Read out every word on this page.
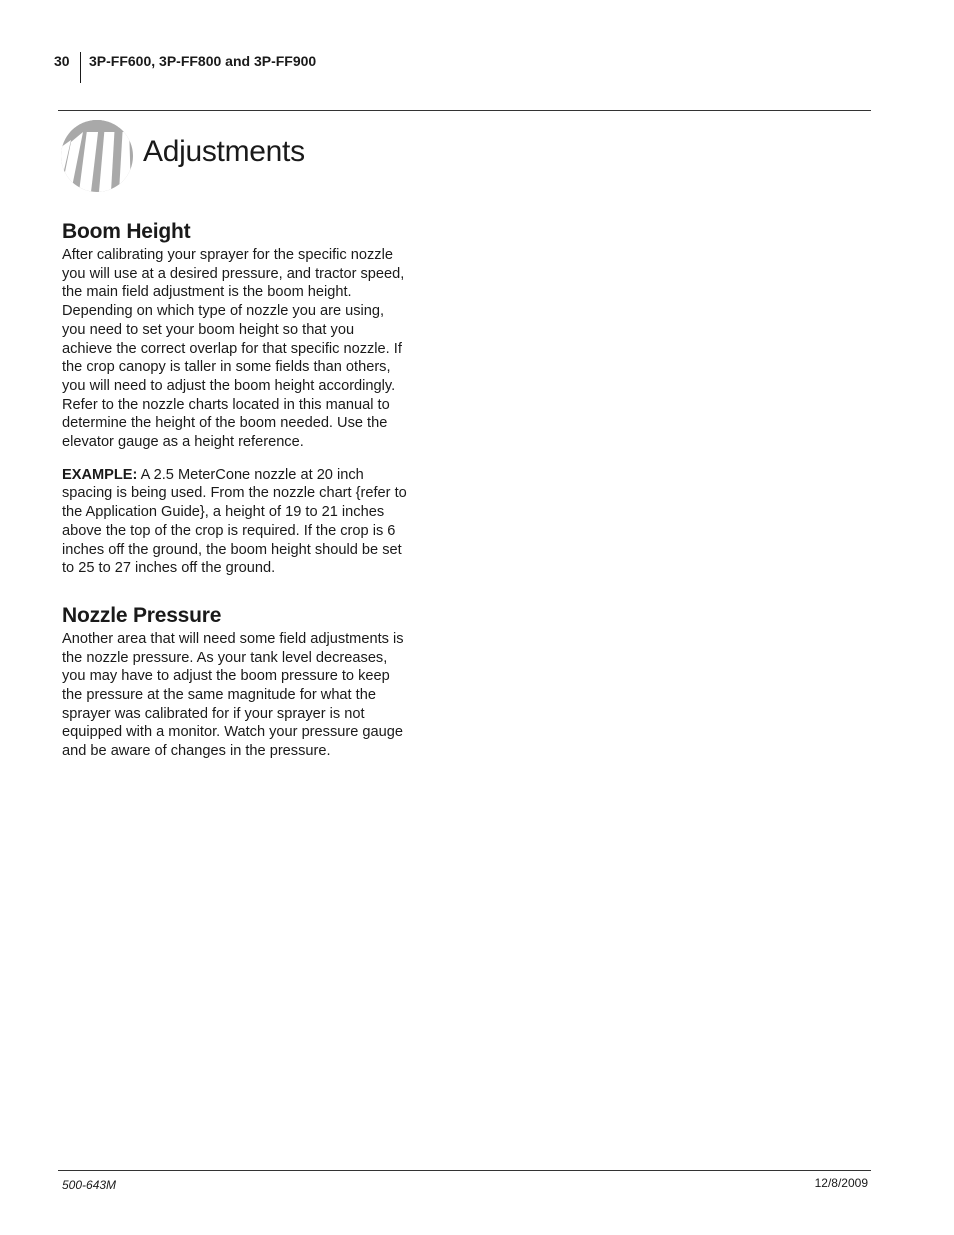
30 3P-FF600, 3P-FF800 and 3P-FF900
Adjustments
Boom Height

After calibrating your sprayer for the specific nozzle you will use at a desired pressure, and tractor speed, the main field adjustment is the boom height. Depending on which type of nozzle you are using, you need to set your boom height so that you achieve the correct overlap for that specific nozzle. If the crop canopy is taller in some fields than others, you will need to adjust the boom height accordingly. Refer to the nozzle charts located in this manual to determine the height of the boom needed. Use the elevator gauge as a height reference.

EXAMPLE: A 2.5 MeterCone nozzle at 20 inch spacing is being used. From the nozzle chart {refer to the Application Guide}, a height of 19 to 21 inches above the top of the crop is required. If the crop is 6 inches off the ground, the boom height should be set to 25 to 27 inches off the ground.

Nozzle Pressure

Another area that will need some field adjustments is the nozzle pressure. As your tank level decreases, you may have to adjust the boom pressure to keep the pressure at the same magnitude for what the sprayer was calibrated for if your sprayer is not equipped with a monitor. Watch your pressure gauge and be aware of changes in the pressure.

500-643M	12/8/2009
